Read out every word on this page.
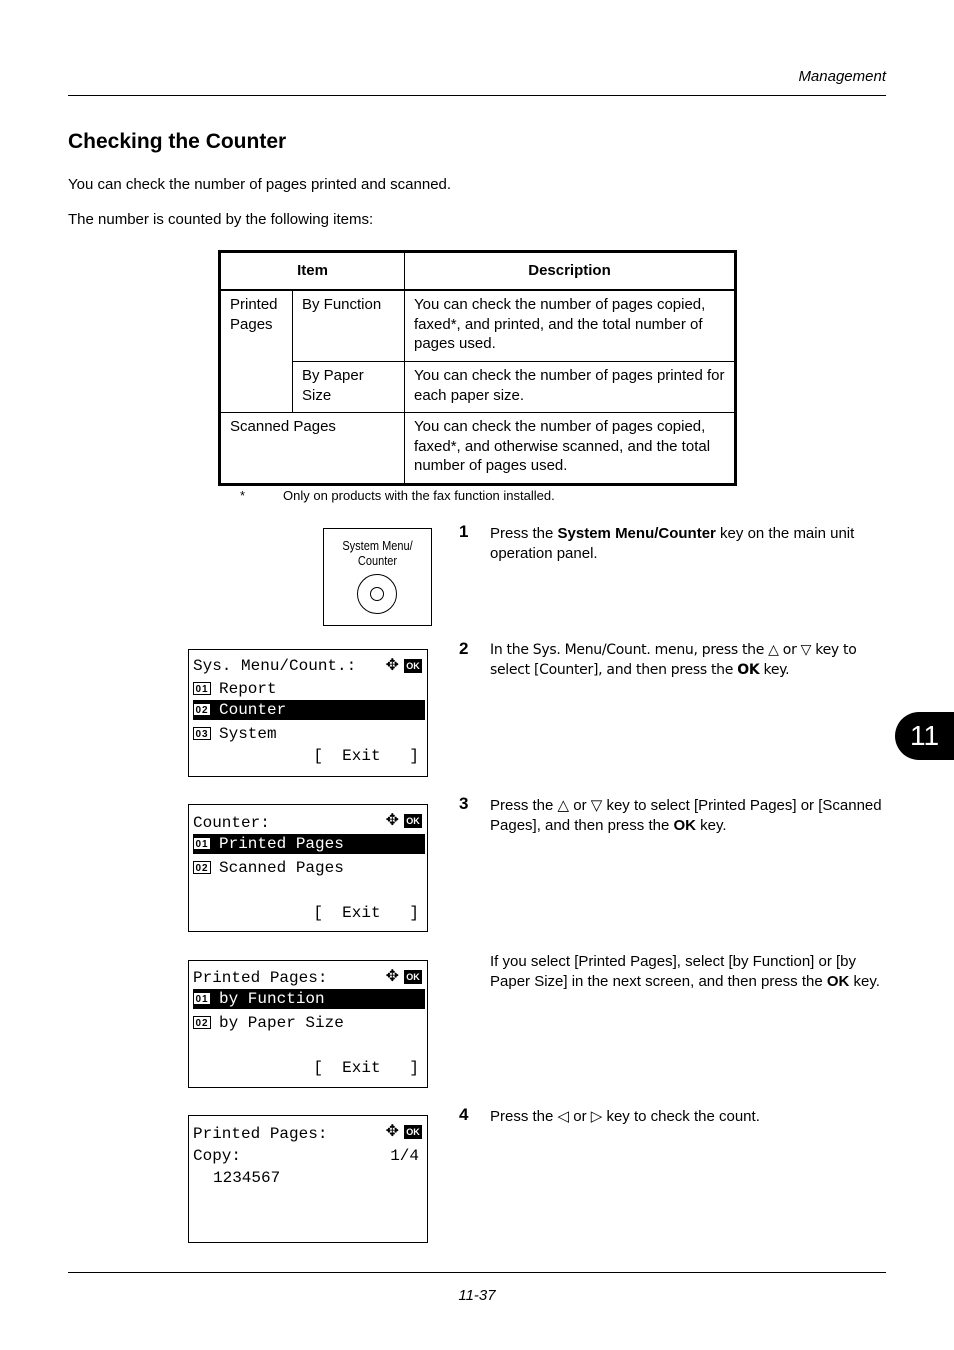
Management
Checking the Counter
You can check the number of pages printed and scanned.
The number is counted by the following items:
Item		Description
Printed Pages	By Function	You can check the number of pages copied, faxed*, and printed, and the total number of pages used.
	By Paper Size	You can check the number of pages printed for each paper size.
Scanned Pages		You can check the number of pages copied, faxed*, and otherwise scanned, and the total number of pages used.
*	Only on products with the fax function installed.
System Menu/
Counter
Sys. Menu/Count.:	✥ OK
01 Report
02 Counter
03 System
[  Exit   ]
Counter:	✥ OK
01 Printed Pages
02 Scanned Pages
[  Exit   ]
Printed Pages:	✥ OK
01 by Function
02 by Paper Size
[  Exit   ]
Printed Pages:	✥ OK
Copy:	1/4
1234567
1 Press the System Menu/Counter key on the main unit operation panel.
2 In the Sys. Menu/Count. menu, press the △ or ▽ key to select [Counter], and then press the OK key.
3 Press the △ or ▽ key to select [Printed Pages] or [Scanned Pages], and then press the OK key.
If you select [Printed Pages], select [by Function] or [by Paper Size] in the next screen, and then press the OK key.
4 Press the ◁ or ▷ key to check the count.
11
11-37
